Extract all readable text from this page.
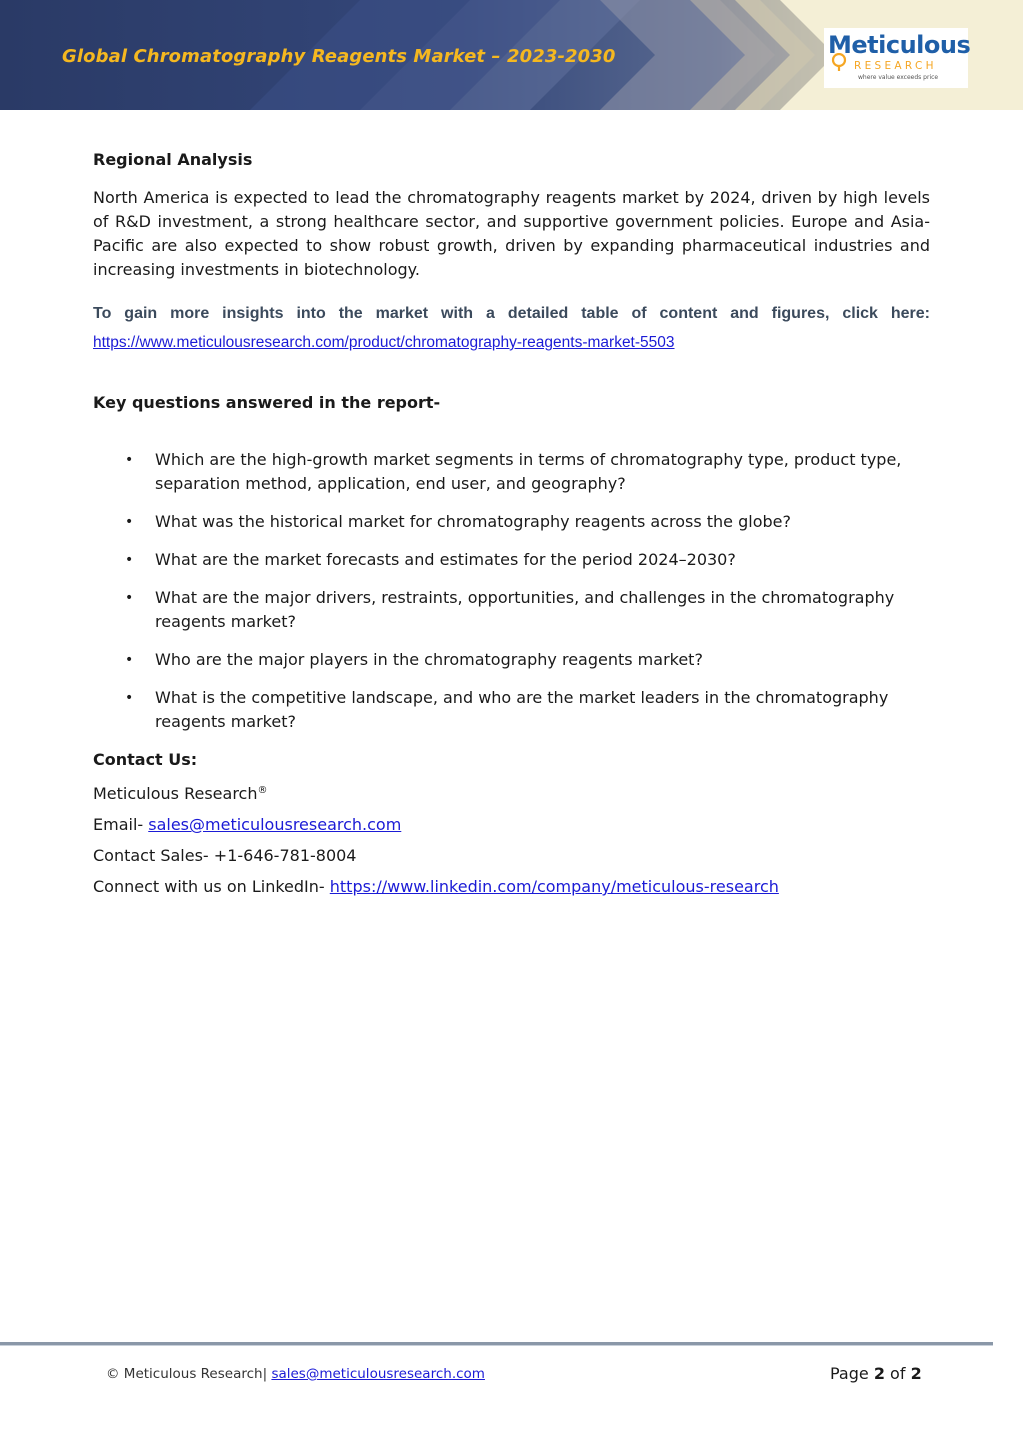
Global Chromatography Reagents Market – 2023-2030	Meticulous
RESEARCH
where value exceeds price

Regional Analysis

North America is expected to lead the chromatography reagents market by 2024, driven by high levels of R&D investment, a strong healthcare sector, and supportive government policies. Europe and Asia-Pacific are also expected to show robust growth, driven by expanding pharmaceutical industries and increasing investments in biotechnology.

To gain more insights into the market with a detailed table of content and figures, click here:

https://www.meticulousresearch.com/product/chromatography-reagents-market-5503

Key questions answered in the report-

• Which are the high-growth market segments in terms of chromatography type, product type, separation method, application, end user, and geography?
• What was the historical market for chromatography reagents across the globe?
• What are the market forecasts and estimates for the period 2024–2030?
• What are the major drivers, restraints, opportunities, and challenges in the chromatography reagents market?
• Who are the major players in the chromatography reagents market?
• What is the competitive landscape, and who are the market leaders in the chromatography reagents market?

Contact Us:

Meticulous Research®

Email- sales@meticulousresearch.com

Contact Sales- +1-646-781-8004

Connect with us on LinkedIn- https://www.linkedin.com/company/meticulous-research

© Meticulous Research| sales@meticulousresearch.com	Page 2 of 2
